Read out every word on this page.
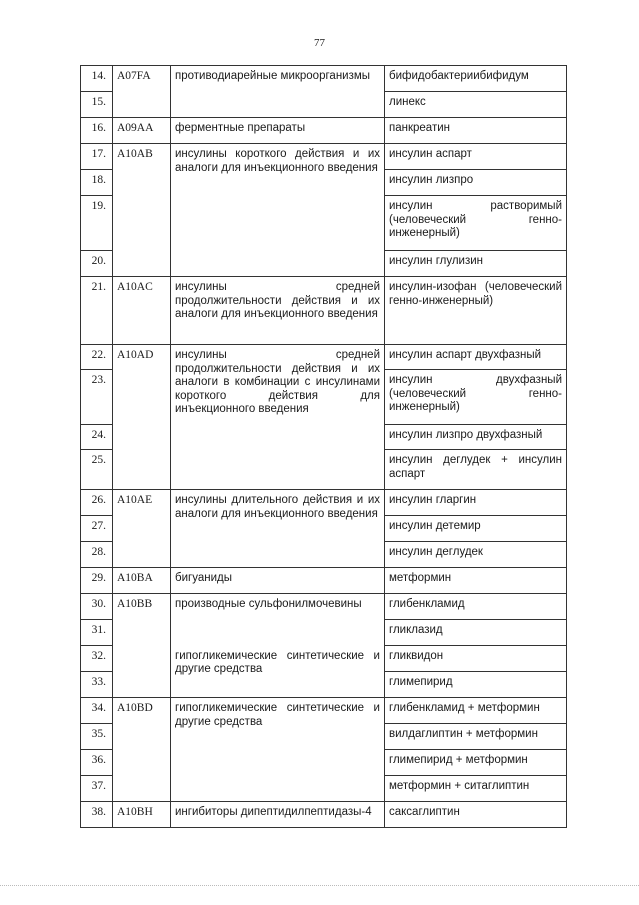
77
14.	A07FA	противодиарейные микроорганизмы	бифидобактериибифидум
15.			линекс
16.	A09AA	ферментные препараты	панкреатин
17.	A10AB	инсулины короткого действия и их аналоги для инъекционного введения	инсулин аспарт
18.			инсулин лизпро
19.			инсулин растворимый (человеческий генно-инженерный)
20.			инсулин глулизин
21.	A10AC	инсулины средней продолжительности действия и их аналоги для инъекционного введения	инсулин-изофан (человеческий генно-инженерный)
22.	A10AD	инсулины средней продолжительности действия и их аналоги в комбинации с инсулинами короткого действия для инъекционного введения	инсулин аспарт двухфазный
23.			инсулин двухфазный (человеческий генно-инженерный)
24.			инсулин лизпро двухфазный
25.			инсулин деглудек + инсулин аспарт
26.	A10AE	инсулины длительного действия и их аналоги для инъекционного введения	инсулин гларгин
27.			инсулин детемир
28.			инсулин деглудек
29.	A10BA	бигуаниды	метформин
30.	A10BB	производные сульфонилмочевины	глибенкламид
31.			гликлазид
32.		гипогликемические синтетические и другие средства	гликвидон
33.			глимепирид
34.	A10BD	гипогликемические синтетические и другие средства	глибенкламид + метформин
35.			вилдаглиптин + метформин
36.			глимепирид + метформин
37.			метформин + ситаглиптин
38.	A10BH	ингибиторы дипептидилпептидазы-4	саксаглиптин
